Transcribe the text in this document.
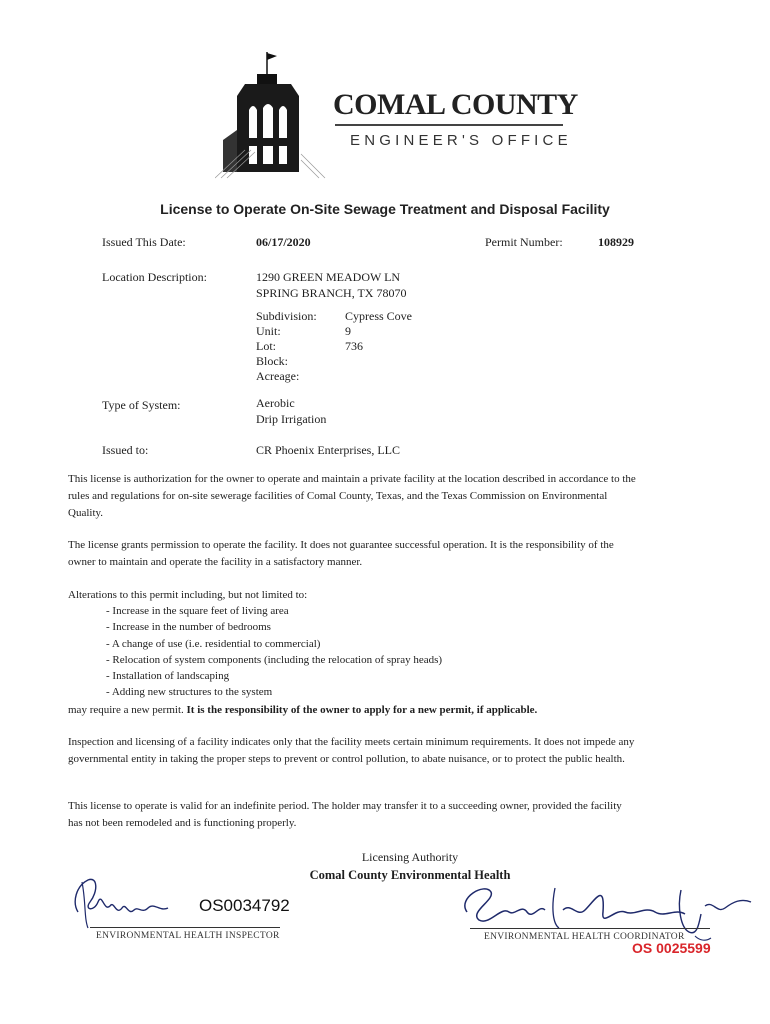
COMAL COUNTY
ENGINEER'S OFFICE
License to Operate On-Site Sewage Treatment and Disposal Facility
Issued This Date:	06/17/2020	Permit Number:	108929
Location Description:	1290 GREEN MEADOW LN
SPRING BRANCH, TX 78070
Subdivision: Cypress Cove
Unit:	9
Lot:	736
Block:
Acreage:
Type of System:	Aerobic
Drip Irrigation
Issued to:	CR Phoenix Enterprises, LLC
This license is authorization for the owner to operate and maintain a private facility at the location described in accordance to the rules and regulations for on-site sewerage facilities of Comal County, Texas, and the Texas Commission on Environmental Quality.
The license grants permission to operate the facility. It does not guarantee successful operation. It is the responsibility of the owner to maintain and operate the facility in a satisfactory manner.
Alterations to this permit including, but not limited to:
- Increase in the square feet of living area
- Increase in the number of bedrooms
- A change of use (i.e. residential to commercial)
- Relocation of system components (including the relocation of spray heads)
- Installation of landscaping
- Adding new structures to the system
may require a new permit. It is the responsibility of the owner to apply for a new permit, if applicable.
Inspection and licensing of a facility indicates only that the facility meets certain minimum requirements. It does not impede any governmental entity in taking the proper steps to prevent or control pollution, to abate nuisance, or to protect the public health.
This license to operate is valid for an indefinite period. The holder may transfer it to a succeeding owner, provided the facility has not been remodeled and is functioning properly.
Licensing Authority
Comal County Environmental Health
OS0034792
ENVIRONMENTAL HEALTH INSPECTOR	ENVIRONMENTAL HEALTH COORDINATOR
OS 0025599
